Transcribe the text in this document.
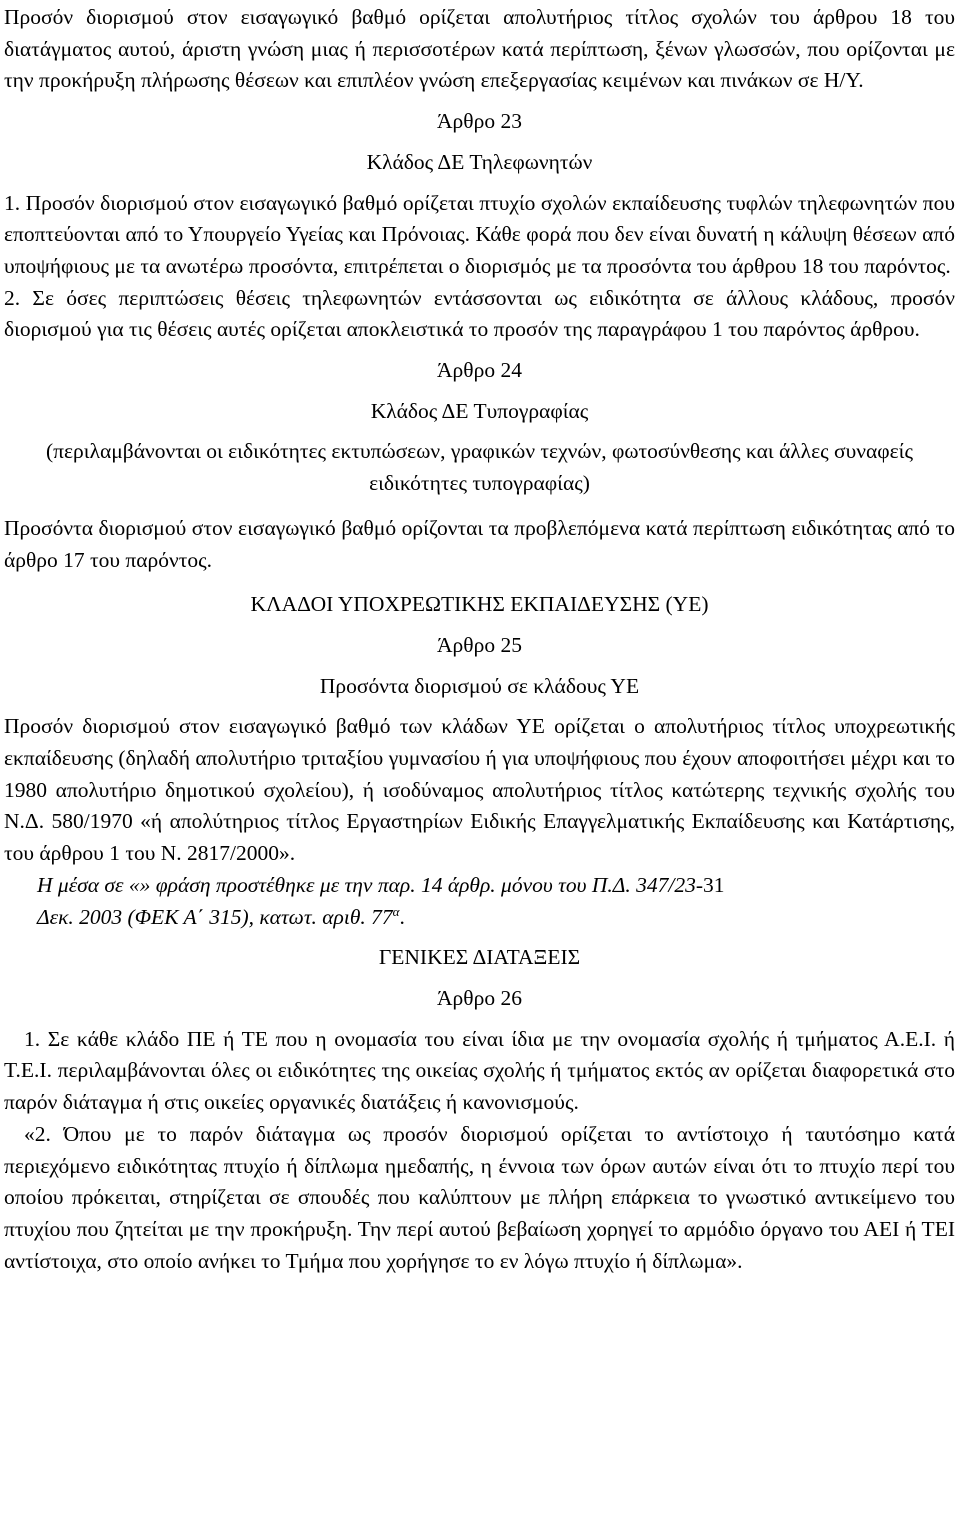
Προσόν διορισμού στον εισαγωγικό βαθμό ορίζεται απολυτήριος τίτλος σχολών του άρθρου 18 του διατάγματος αυτού, άριστη γνώση μιας ή περισσοτέρων κατά περίπτωση, ξένων γλωσσών, που ορίζονται με την προκήρυξη πλήρωσης θέσεων και επιπλέον γνώση επεξεργασίας κειμένων και πινάκων σε Η/Υ.

Άρθρο 23

Κλάδος ΔΕ Τηλεφωνητών

1. Προσόν διορισμού στον εισαγωγικό βαθμό ορίζεται πτυχίο σχολών εκπαίδευσης τυφλών τηλεφωνητών που εποπτεύονται από το Υπουργείο Υγείας και Πρόνοιας. Κάθε φορά που δεν είναι δυνατή η κάλυψη θέσεων από υποψήφιους με τα ανωτέρω προσόντα, επιτρέπεται ο διορισμός με τα προσόντα του άρθρου 18 του παρόντος.

2. Σε όσες περιπτώσεις θέσεις τηλεφωνητών εντάσσονται ως ειδικότητα σε άλλους κλάδους, προσόν διορισμού για τις θέσεις αυτές ορίζεται αποκλειστικά το προσόν της παραγράφου 1 του παρόντος άρθρου.

Άρθρο 24

Κλάδος ΔΕ Τυπογραφίας

(περιλαμβάνονται οι ειδικότητες εκτυπώσεων, γραφικών τεχνών, φωτοσύνθεσης και άλλες συναφείς ειδικότητες τυπογραφίας)

Προσόντα διορισμού στον εισαγωγικό βαθμό ορίζονται τα προβλεπόμενα κατά περίπτωση ειδικότητας από το άρθρο 17 του παρόντος.

ΚΛΑΔΟΙ ΥΠΟΧΡΕΩΤΙΚΗΣ ΕΚΠΑΙΔΕΥΣΗΣ (ΥΕ)

Άρθρο 25

Προσόντα διορισμού σε κλάδους ΥΕ

Προσόν διορισμού στον εισαγωγικό βαθμό των κλάδων ΥΕ ορίζεται ο απολυτήριος τίτλος υποχρεωτικής εκπαίδευσης (δηλαδή απολυτήριο τριταξίου γυμνασίου ή για υποψήφιους που έχουν αποφοιτήσει μέχρι και το 1980 απολυτήριο δημοτικού σχολείου), ή ισοδύναμος απολυτήριος τίτλος κατώτερης τεχνικής σχολής του Ν.Δ. 580/1970 «ή απολύτηριος τίτλος Εργαστηρίων Ειδικής Επαγγελματικής Εκπαίδευσης και Κατάρτισης, του άρθρου 1 του Ν. 2817/2000».

Η μέσα σε «» φράση προστέθηκε με την παρ. 14 άρθρ. μόνου του Π.Δ. 347/23-31
Δεκ. 2003 (ΦΕΚ Α΄ 315), κατωτ. αριθ. $77^\alpha$.

ΓΕΝΙΚΕΣ ΔΙΑΤΑΞΕΙΣ

Άρθρο 26

1. Σε κάθε κλάδο ΠΕ ή ΤΕ που η ονομασία του είναι ίδια με την ονομασία σχολής ή τμήματος Α.Ε.Ι. ή Τ.Ε.Ι. περιλαμβάνονται όλες οι ειδικότητες της οικείας σχολής ή τμήματος εκτός αν ορίζεται διαφορετικά στο παρόν διάταγμα ή στις οικείες οργανικές διατάξεις ή κανονισμούς.

«2. Όπου με το παρόν διάταγμα ως προσόν διορισμού ορίζεται το αντίστοιχο ή ταυτόσημο κατά περιεχόμενο ειδικότητας πτυχίο ή δίπλωμα ημεδαπής, η έννοια των όρων αυτών είναι ότι το πτυχίο περί του οποίου πρόκειται, στηρίζεται σε σπουδές που καλύπτουν με πλήρη επάρκεια το γνωστικό αντικείμενο του πτυχίου που ζητείται με την προκήρυξη. Την περί αυτού βεβαίωση χορηγεί το αρμόδιο όργανο του ΑΕΙ ή ΤΕΙ αντίστοιχα, στο οποίο ανήκει το Τμήμα που χορήγησε το εν λόγω πτυχίο ή δίπλωμα».
